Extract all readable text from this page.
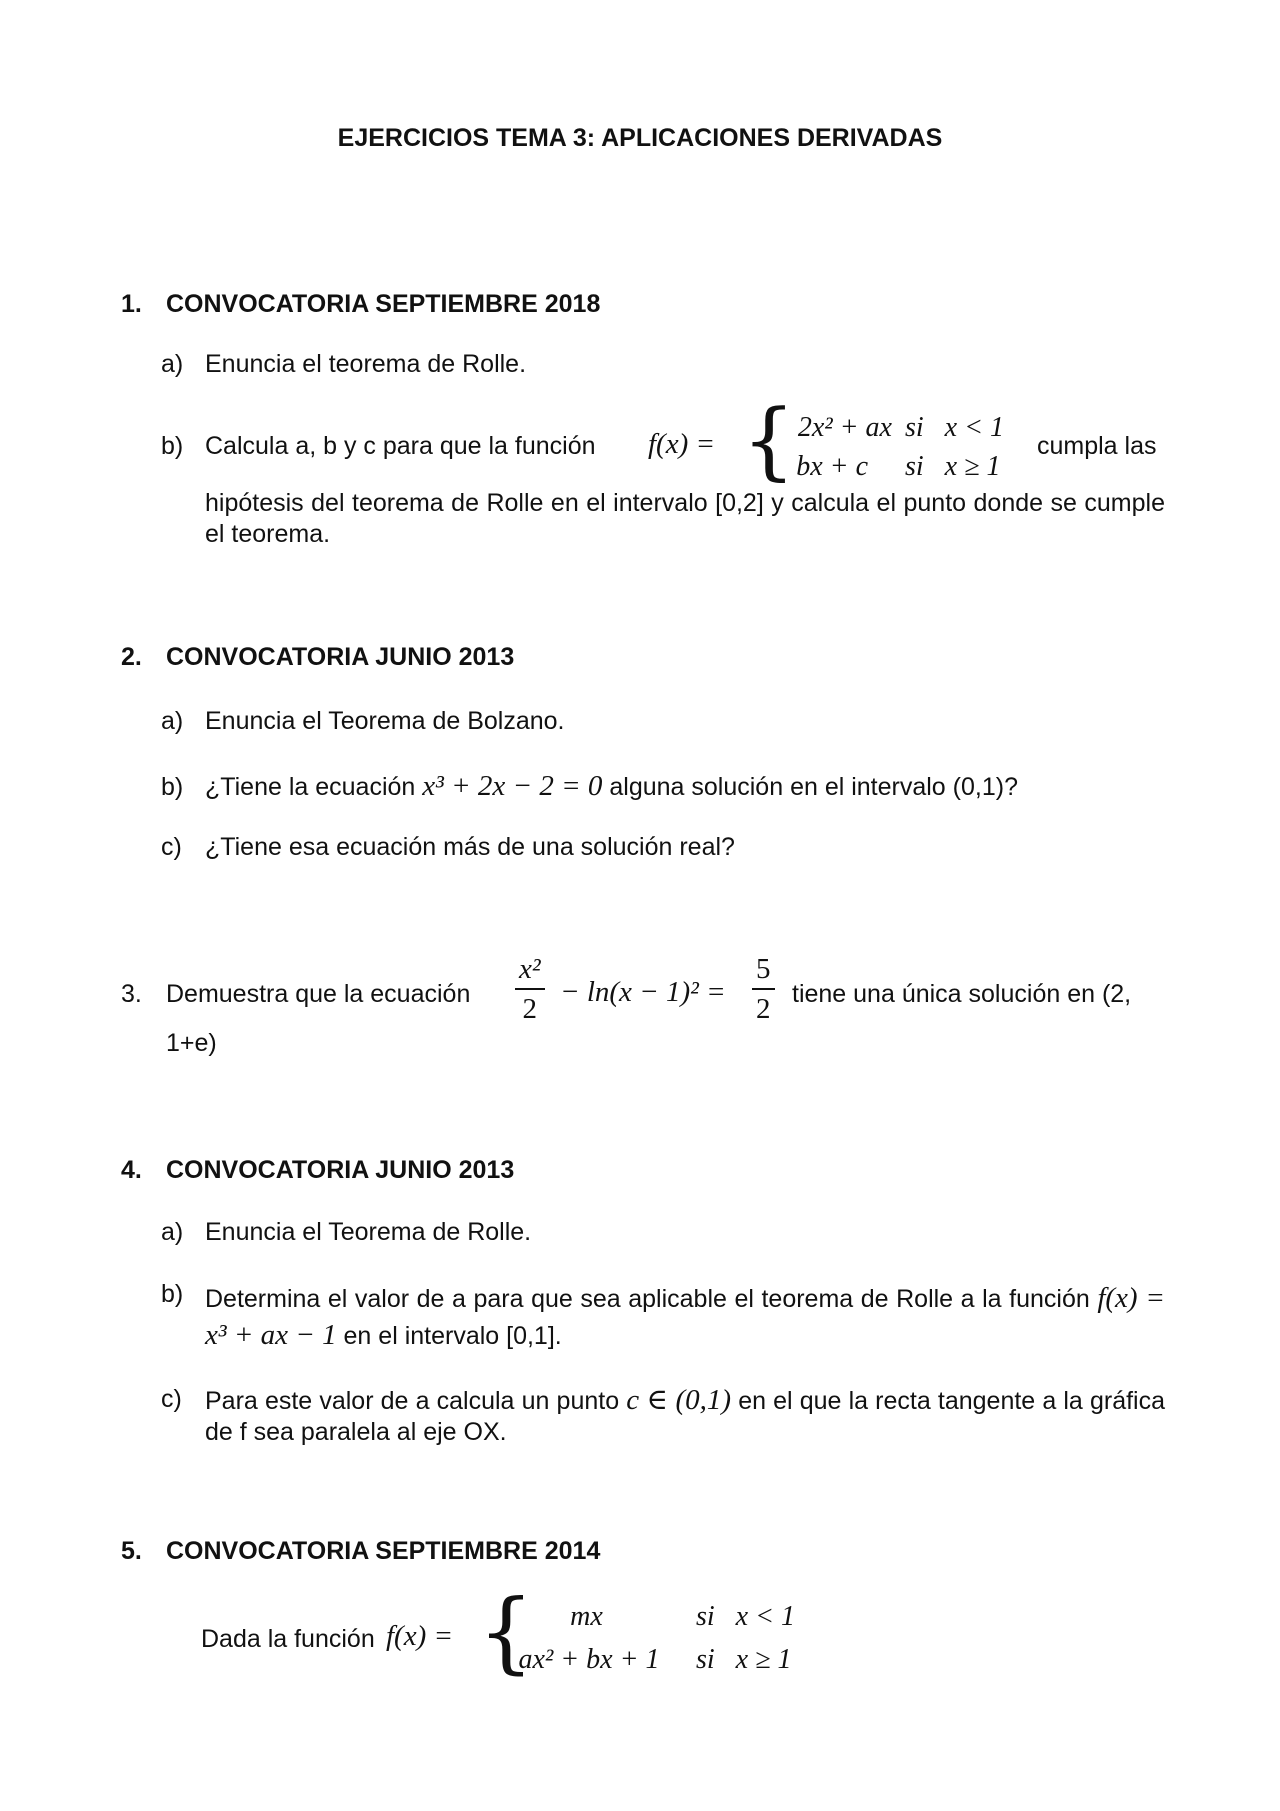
EJERCICIOS TEMA 3: APLICACIONES DERIVADAS
1. CONVOCATORIA SEPTIEMBRE 2018
a) Enuncia el teorema de Rolle.
b) Calcula a, b y c para que la función f(x) = { 2x² + ax si   x < 1
bx + c si   x ≥ 1
cumpla las
hipótesis del teorema de Rolle en el intervalo [0,2] y calcula el punto donde se cumple el teorema.
2. CONVOCATORIA JUNIO 2013
a) Enuncia el Teorema de Bolzano.
b) ¿Tiene la ecuación x³ + 2x − 2 = 0 alguna solución en el intervalo (0,1)?
c) ¿Tiene esa ecuación más de una solución real?
3. Demuestra que la ecuación $\frac{\text{x²}}{2} - \ln(x - 1)^2 = \frac{5}{2}$ tiene una única solución en (2,
1+e)
4. CONVOCATORIA JUNIO 2013
a) Enuncia el Teorema de Rolle.
b) Determina el valor de a para que sea aplicable el teorema de Rolle a la función f(x) = x³ + ax − 1 en el intervalo [0,1].
c) Para este valor de a calcula un punto c ∈ (0,1) en el que la recta tangente a la gráfica de f sea paralela al eje OX.
5. CONVOCATORIA SEPTIEMBRE 2014
Dada la función f(x) = {	mx	si   x < 1
ax² + bx + 1	si   x ≥ 1
